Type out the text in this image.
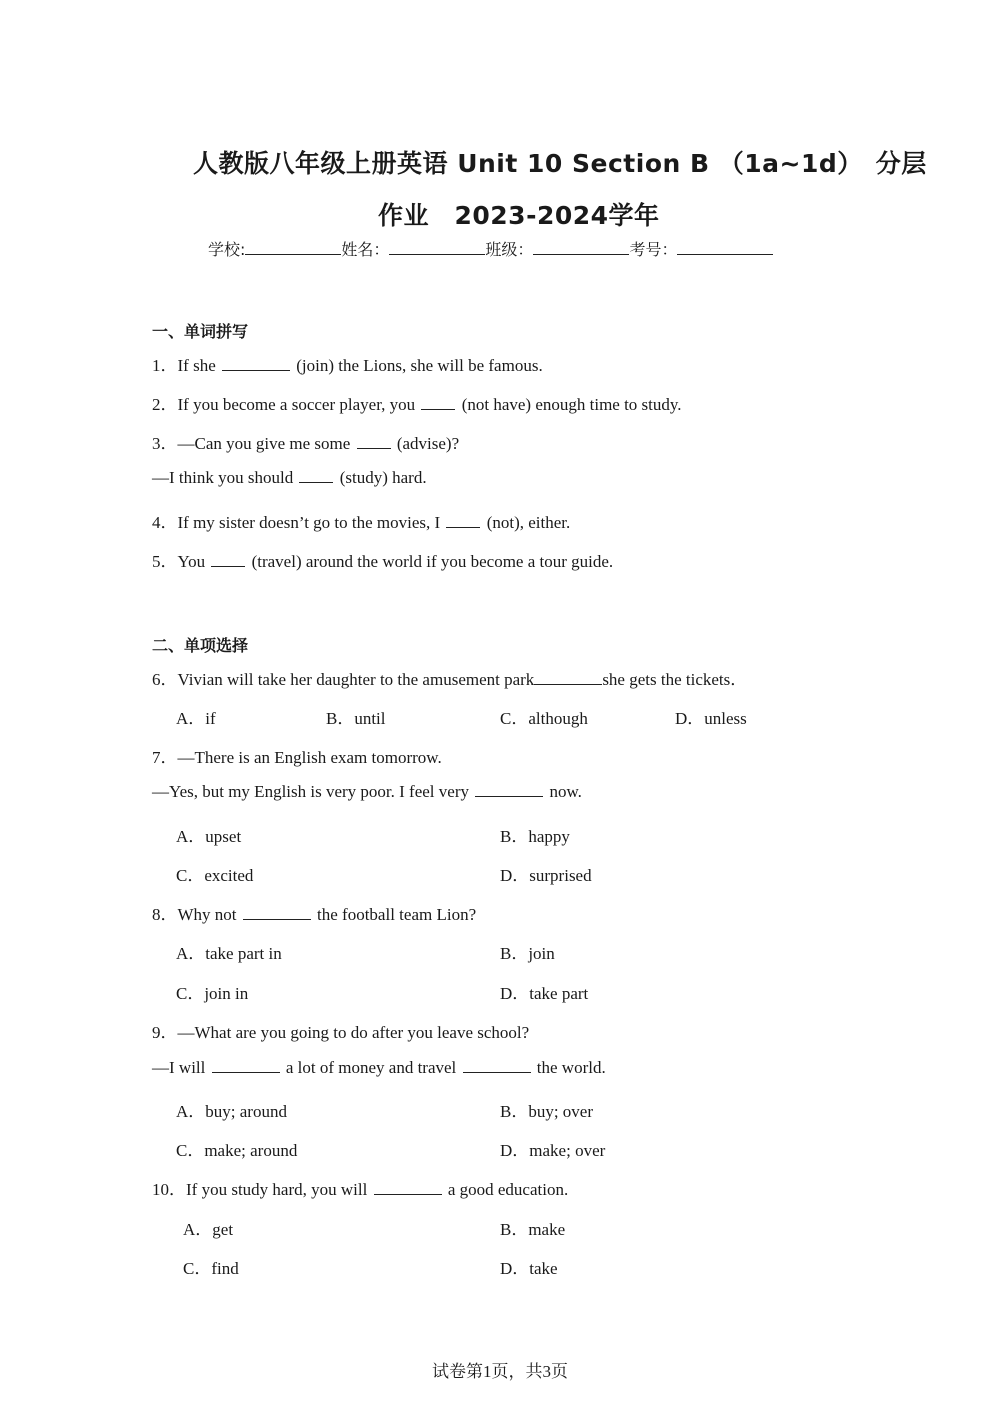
人教版八年级上册英语 Unit 10 Section B （1a~1d）　分层
作业　2023-2024学年
学校:	姓名：	班级：	考号：
一、单词拼写
1．If she	(join) the Lions, she will be famous.
2．If you become a soccer player, you  (not have) enough time to study.
3．—Can you give me some  (advise)?
—I think you should  (study) hard.
4．If my sister doesn’t go to the movies, I  (not), either.
5．You  (travel) around the world if you become a tour guide.
二、单项选择
6．Vivian will take her daughter to the amusement park	she gets the tickets．
A．if	B．until	C．although	D．unless
7．—There is an English exam tomorrow.
—Yes, but my English is very poor. I feel very	now.
A．upset	B．happy
C．excited	D．surprised
8．Why not	the football team Lion?
A．take part in	B．join
C．join in	D．take part
9．—What are you going to do after you leave school?
—I will	a lot of money and travel	the world.
A．buy; around	B．buy; over
C．make; around	D．make; over
10．If you study hard, you will	a good education.
A．get	B．make
C．find	D．take
试卷第1页，共3页
